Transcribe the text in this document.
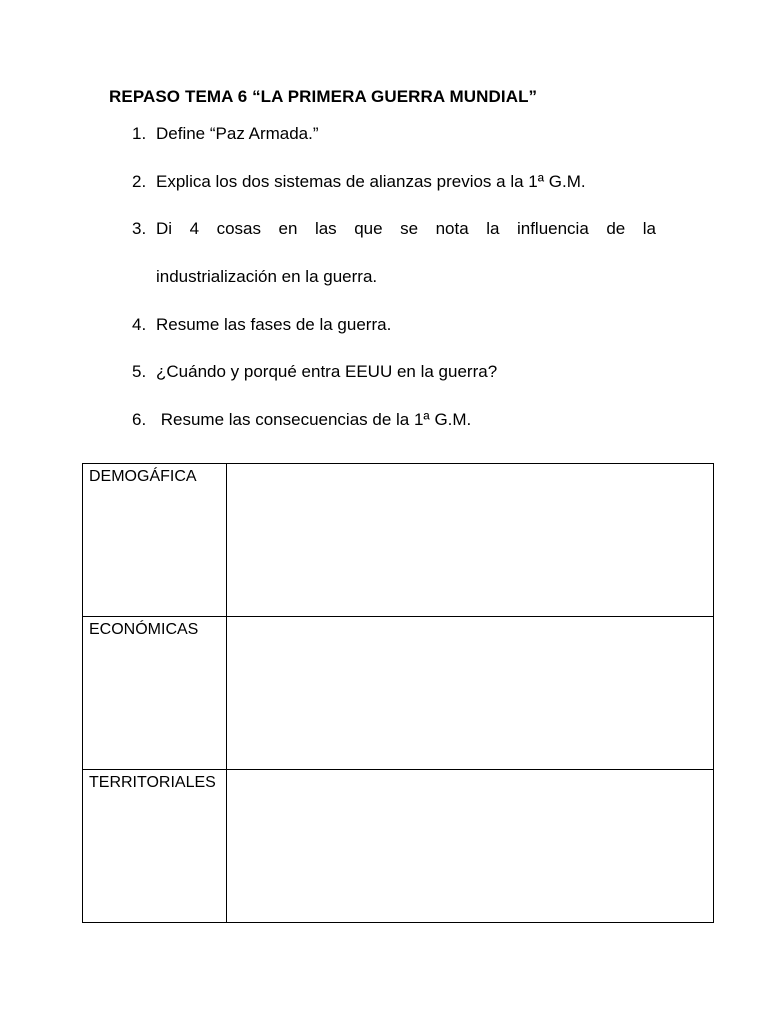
REPASO TEMA 6 “LA PRIMERA GUERRA MUNDIAL”
1. Define “Paz Armada.”
2. Explica los dos sistemas de alianzas previos a la 1ª G.M.
3. Di 4 cosas en las que se nota la influencia de la
industrialización en la guerra.
4. Resume las fases de la guerra.
5. ¿Cuándo y porqué entra EEUU en la guerra?
6. Resume las consecuencias de la 1ª G.M.
DEMOGÁFICA	
ECONÓMICAS	
TERRITORIALES	
